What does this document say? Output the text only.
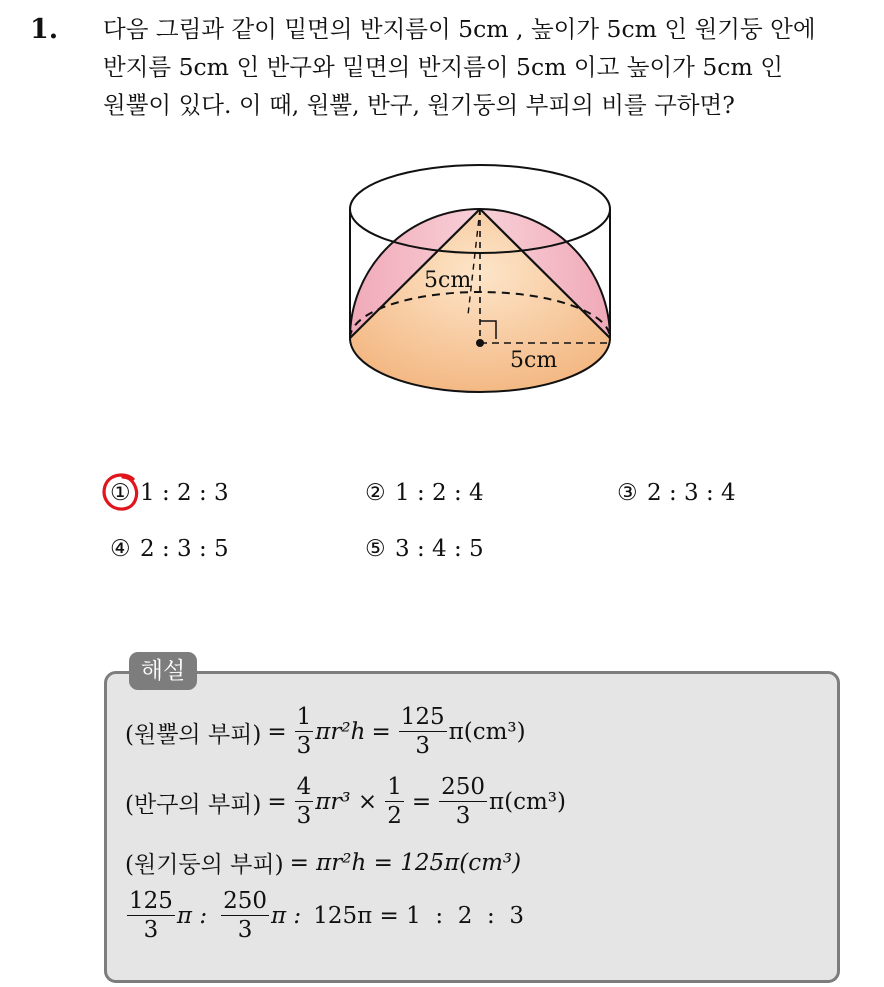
1. 다음 그림과 같이 밑면의 반지름이 5cm , 높이가 5cm 인 원기둥 안에
반지름 5cm 인 반구와 밑면의 반지름이 5cm 이고 높이가 5cm 인
원뿔이 있다. 이 때, 원뿔, 반구, 원기둥의 부피의 비를 구하면?
5cm
5cm
① 1 : 2 : 3	② 1 : 2 : 4	③ 2 : 3 : 4
④ 2 : 3 : 5	⑤ 3 : 4 : 5
해설
(원뿔의 부피) = $\frac{1}{3} \pi r^2h = \frac{125}{3} \pi(cm^3)$
(반구의 부피) = $\frac{4}{3} \pi r^3 \times \frac{1}{2} = \frac{250}{3} \pi(cm^3)$
(원기둥의 부피) = πr²h = 125π(cm³)
$\frac{125}{3}$ π : $\frac{250}{3}$ π : 125π = 1  :  2  :  3
